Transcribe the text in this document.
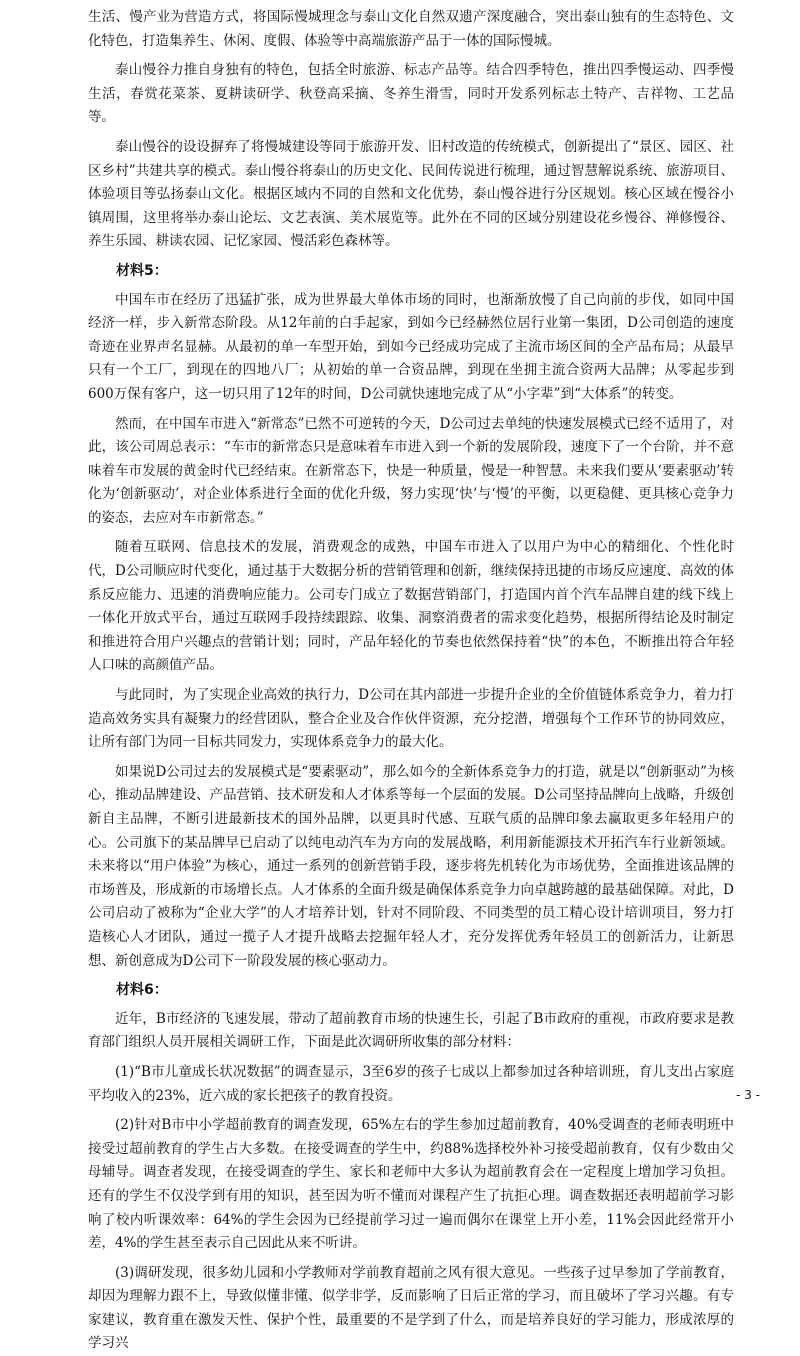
生活、慢产业为营造方式，将国际慢城理念与泰山文化自然双遗产深度融合，突出泰山独有的生态特色、文化特色，打造集养生、休闲、度假、体验等中高端旅游产品于一体的国际慢城。

泰山慢谷力推自身独有的特色，包括全时旅游、标志产品等。结合四季特色，推出四季慢运动、四季慢生活，春赏花菜茶、夏耕读研学、秋登高采摘、冬养生滑雪，同时开发系列标志土特产、吉祥物、工艺品等。

泰山慢谷的设设摒弃了将慢城建设等同于旅游开发、旧村改造的传统模式，创新提出了“景区、园区、社区乡村”共建共享的模式。泰山慢谷将泰山的历史文化、民间传说进行梳理，通过智慧解说系统、旅游项目、体验项目等弘扬泰山文化。根据区域内不同的自然和文化优势，泰山慢谷进行分区规划。核心区域在慢谷小镇周围，这里将举办泰山论坛、文艺表演、美术展览等。此外在不同的区域分别建设花乡慢谷、禅修慢谷、养生乐园、耕读农园、记忆家园、慢活彩色森林等。

材料5：

中国车市在经历了迅猛扩张，成为世界最大单体市场的同时，也渐渐放慢了自己向前的步伐，如同中国经济一样，步入新常态阶段。从12年前的白手起家，到如今已经赫然位居行业第一集团，D公司创造的速度奇迹在业界声名显赫。从最初的单一车型开始，到如今已经成功完成了主流市场区间的全产品布局；从最早只有一个工厂，到现在的四地八厂；从初始的单一合资品牌，到现在坐拥主流合资两大品牌；从零起步到600万保有客户，这一切只用了12年的时间，D公司就快速地完成了从“小字辈”到“大体系”的转变。

然而，在中国车市进入“新常态”已然不可逆转的今天，D公司过去单纯的快速发展模式已经不适用了，对此，该公司周总表示：“车市的新常态只是意味着车市进入到一个新的发展阶段，速度下了一个台阶，并不意味着车市发展的黄金时代已经结束。在新常态下，快是一种质量，慢是一种智慧。未来我们要从‘要素驱动’转化为‘创新驱动’，对企业体系进行全面的优化升级，努力实现‘快’与‘慢’的平衡，以更稳健、更具核心竞争力的姿态，去应对车市新常态。”

随着互联网、信息技术的发展，消费观念的成熟，中国车市进入了以用户为中心的精细化、个性化时代，D公司顺应时代变化，通过基于大数据分析的营销管理和创新，继续保持迅捷的市场反应速度、高效的体系反应能力、迅速的消费响应能力。公司专门成立了数据营销部门，打造国内首个汽车品牌自建的线下线上一体化开放式平台，通过互联网手段持续跟踪、收集、洞察消费者的需求变化趋势，根据所得结论及时制定和推进符合用户兴趣点的营销计划；同时，产品年轻化的节奏也依然保持着“快”的本色，不断推出符合年轻人口味的高颜值产品。

与此同时，为了实现企业高效的执行力，D公司在其内部进一步提升企业的全价值链体系竞争力，着力打造高效务实具有凝聚力的经营团队，整合企业及合作伙伴资源，充分挖潜，增强每个工作环节的协同效应，让所有部门为同一目标共同发力，实现体系竞争力的最大化。

如果说D公司过去的发展模式是“要素驱动”，那么如今的全新体系竞争力的打造，就是以“创新驱动”为核心，推动品牌建设、产品营销、技术研发和人才体系等每一个层面的发展。D公司坚持品牌向上战略，升级创新自主品牌，不断引进最新技术的国外品牌，以更具时代感、互联气质的品牌印象去赢取更多年轻用户的心。公司旗下的某品牌早已启动了以纯电动汽车为方向的发展战略，利用新能源技术开拓汽车行业新领域。未来将以“用户体验”为核心，通过一系列的创新营销手段，逐步将先机转化为市场优势，全面推进该品牌的市场普及，形成新的市场增长点。人才体系的全面升级是确保体系竞争力向卓越跨越的最基础保障。对此，D公司启动了被称为“企业大学”的人才培养计划，针对不同阶段、不同类型的员工精心设计培训项目，努力打造核心人才团队，通过一揽子人才提升战略去挖掘年轻人才，充分发挥优秀年轻员工的创新活力，让新思想、新创意成为D公司下一阶段发展的核心驱动力。

材料6：

近年，B市经济的飞速发展，带动了超前教育市场的快速生长，引起了B市政府的重视，市政府要求是教育部门组织人员开展相关调研工作，下面是此次调研所收集的部分材料：

(1)“B市儿童成长状况数据”的调查显示，3至6岁的孩子七成以上都参加过各种培训班，育儿支出占家庭平均收入的23%，近六成的家长把孩子的教育投资。

(2)针对B市中小学超前教育的调查发现，65%左右的学生参加过超前教育，40%受调查的老师表明班中接受过超前教育的学生占大多数。在接受调查的学生中，约88%选择校外补习接受超前教育，仅有少数由父母辅导。调查者发现，在接受调查的学生、家长和老师中大多认为超前教育会在一定程度上增加学习负担。还有的学生不仅没学到有用的知识，甚至因为听不懂而对课程产生了抗拒心理。调查数据还表明超前学习影响了校内听课效率：64%的学生会因为已经提前学习过一遍而偶尔在课堂上开小差，11%会因此经常开小差，4%的学生甚至表示自己因此从来不听讲。

(3)调研发现，很多幼儿园和小学教师对学前教育超前之风有很大意见。一些孩子过早参加了学前教育，却因为理解力跟不上，导致似懂非懂、似学非学，反而影响了日后正常的学习，而且破坏了学习兴趣。有专家建议，教育重在激发天性、保护个性，最重要的不是学到了什么，而是培养良好的学习能力，形成浓厚的学习兴

- 3 -
